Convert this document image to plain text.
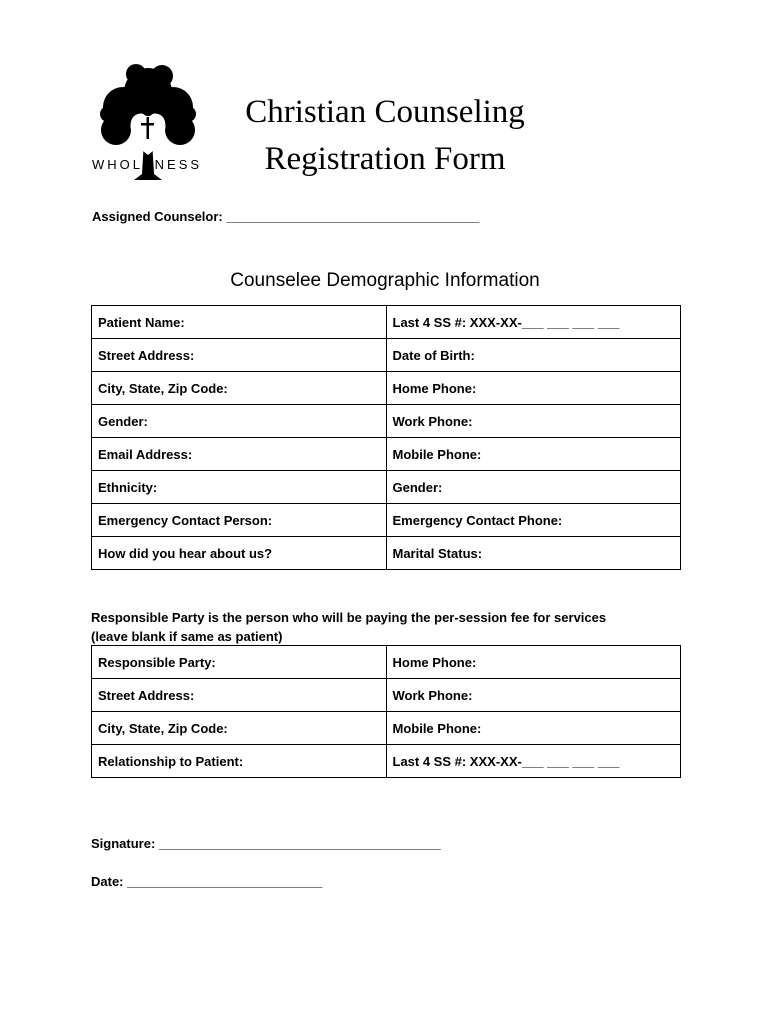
WHOLENESS
Christian Counseling
Registration Form
Assigned Counselor: ___________________________________
Counselee Demographic Information
Patient Name:	Last 4 SS #: XXX-XX-___ ___ ___ ___
Street Address:	Date of Birth:
City, State, Zip Code:	Home Phone:
Gender:	Work Phone:
Email Address:	Mobile Phone:
Ethnicity:	Gender:
Emergency Contact Person:	Emergency Contact Phone:
How did you hear about us?	Marital Status:
Responsible Party is the person who will be paying the per-session fee for services
(leave blank if same as patient)
Responsible Party:	Home Phone:
Street Address:	Work Phone:
City, State, Zip Code:	Mobile Phone:
Relationship to Patient:	Last 4 SS #: XXX-XX-___ ___ ___ ___
Signature: _______________________________________
Date: ___________________________
